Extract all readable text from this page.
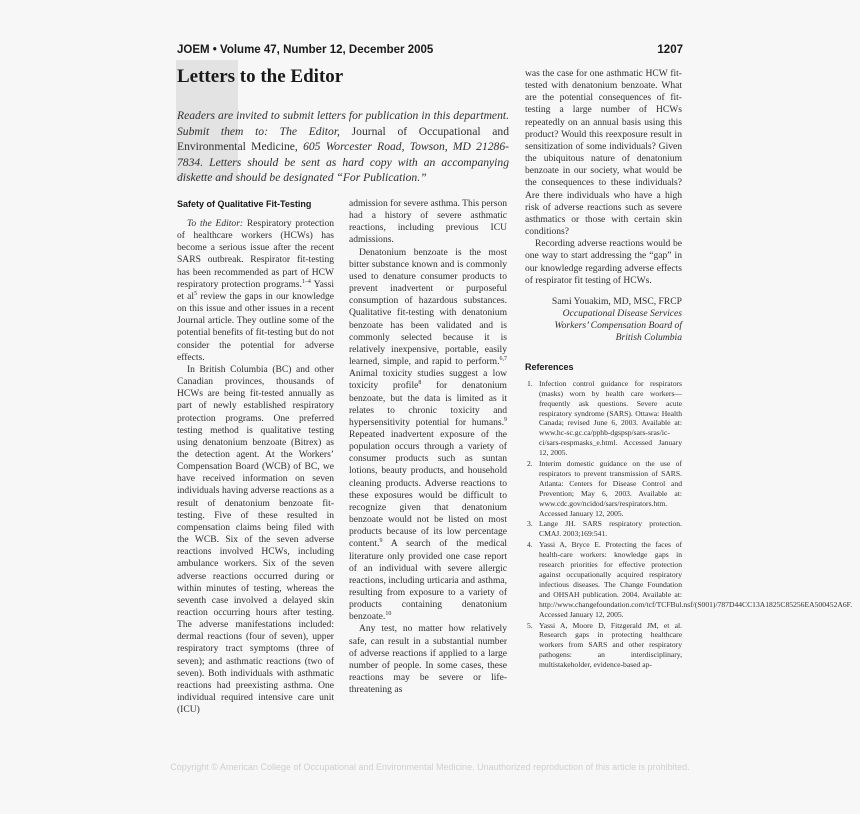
JOEM • Volume 47, Number 12, December 2005	1207
Letters to the Editor

Readers are invited to submit letters for publication in this department. Submit them to: The Editor, Journal of Occupational and Environmental Medicine, 605 Worcester Road, Towson, MD 21286-7834. Letters should be sent as hard copy with an accompanying diskette and should be designated “For Publication.”

Safety of Qualitative Fit-Testing

To the Editor: Respiratory protection of healthcare workers (HCWs) has become a serious issue after the recent SARS outbreak. Respirator fit-testing has been recommended as part of HCW respiratory protection programs.$^{1-4}$ Yassi et $al^5$ review the gaps in our knowledge on this issue and other issues in a recent Journal article. They outline some of the potential benefits of fit-testing but do not consider the potential for adverse effects.

In British Columbia (BC) and other Canadian provinces, thousands of HCWs are being fit-tested annually as part of newly established respiratory protection programs. One preferred testing method is qualitative testing using denatonium benzoate (Bitrex) as the detection agent. At the Workers’ Compensation Board (WCB) of BC, we have received information on seven individuals having adverse reactions as a result of denatonium benzoate fit-testing. Five of these resulted in compensation claims being filed with the WCB. Six of the seven adverse reactions involved HCWs, including ambulance workers. Six of the seven adverse reactions occurred during or within minutes of testing, whereas the seventh case involved a delayed skin reaction occurring hours after testing. The adverse manifestations included: dermal reactions (four of seven), upper respiratory tract symptoms (three of seven); and asthmatic reactions (two of seven). Both individuals with asthmatic reactions had preexisting asthma. One individual required intensive care unit (ICU)

was the case for one asthmatic HCW fit-tested with denatonium benzoate. What are the potential consequences of fit-testing a large number of HCWs repeatedly on an annual basis using this product? Would this reexposure result in sensitization of some individuals? Given the ubiquitous nature of denatonium benzoate in our society, what would be the consequences to these individuals? Are there individuals who have a high risk of adverse reactions such as severe asthmatics or those with certain skin conditions?

Recording adverse reactions would be one way to start addressing the “gap” in our knowledge regarding adverse effects of respirator fit testing of HCWs.

Sami Youakim, MD, MSC, FRCP
Occupational Disease Services
Workers’ Compensation Board of
British Columbia
References
1. Infection control guidance for respirators (masks) worn by health care workers—frequently ask questions. Severe acute respiratory syndrome (SARS). Ottawa: Health Canada; revised June 6, 2003. Available at: www.hc-sc.gc.ca/pphb-dgspsp/sars-sras/ic-ci/sars-respmasks_e.html. Accessed January 12, 2005.
2. Interim domestic guidance on the use of respirators to prevent transmission of SARS. Atlanta: Centers for Disease Control and Prevention; May 6, 2003. Available at: www.cdc.gov/ncidod/sars/respirators.htm. Accessed January 12, 2005.
3. Lange JH. SARS respiratory protection. CMAJ. 2003;169:541.
4. Yassi A, Bryce E. Protecting the faces of health-care workers: knowledge gaps in research priorities for effective protection against occupationally acquired respiratory infectious diseases. The Change Foundation and OHSAH publication. 2004. Available at: http://www.changefoundation.com/tcf/TCFBul.nsf/(S001)/787D44CC13A1825C85256EA500452A6F. Accessed January 12, 2005.
5. Yassi A, Moore D, Fitzgerald JM, et al. Research gaps in protecting healthcare workers from SARS and other respiratory pathogens: an interdisciplinary, multistakeholder, evidence-based ap-
Copyright © American College of Occupational and Environmental Medicine. Unauthorized reproduction of this article is prohibited.

admission for severe asthma. This person had a history of severe asthmatic reactions, including previous ICU admissions.

Denatonium benzoate is the most bitter substance known and is commonly used to denature consumer products to prevent inadvertent or purposeful consumption of hazardous substances. Qualitative fit-testing with denatonium benzoate has been validated and is commonly selected because it is relatively inexpensive, portable, easily learned, simple, and rapid to perform.$^{6,7}$ Animal toxicity studies suggest a low toxicity profile$^8$ for denatonium benzoate, but the data is limited as it relates to chronic toxicity and hypersensitivity potential for humans.$^9$ Repeated inadvertent exposure of the population occurs through a variety of consumer products such as suntan lotions, beauty products, and household cleaning products. Adverse reactions to these exposures would be difficult to recognize given that denatonium benzoate would not be listed on most products because of its low percentage content.$^9$ A search of the medical literature only provided one case report of an individual with severe allergic reactions, including urticaria and asthma, resulting from exposure to a variety of products containing denatonium benzoate.$^{10}$

Any test, no matter how relatively safe, can result in a substantial number of adverse reactions if applied to a large number of people. In some cases, these reactions may be severe or life-threatening as
